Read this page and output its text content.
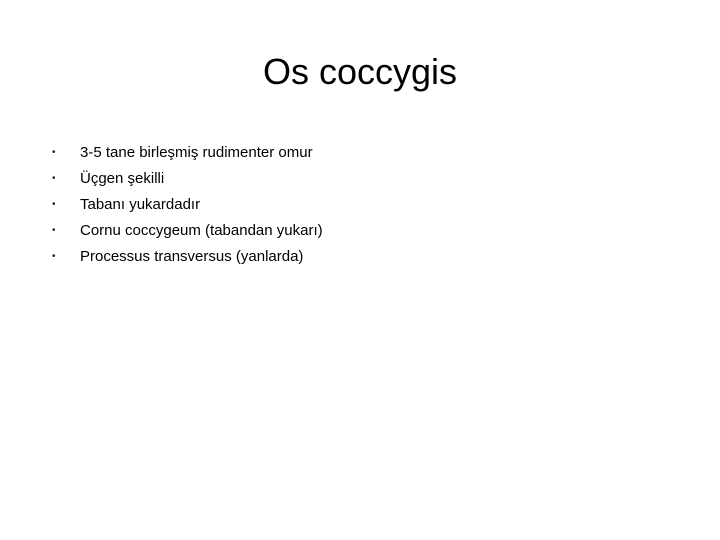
Os coccygis
•	3-5 tane birleşmiş rudimenter omur
•	Üçgen şekilli
•	Tabanı yukardadır
•	Cornu coccygeum (tabandan yukarı)
•	Processus transversus (yanlarda)
